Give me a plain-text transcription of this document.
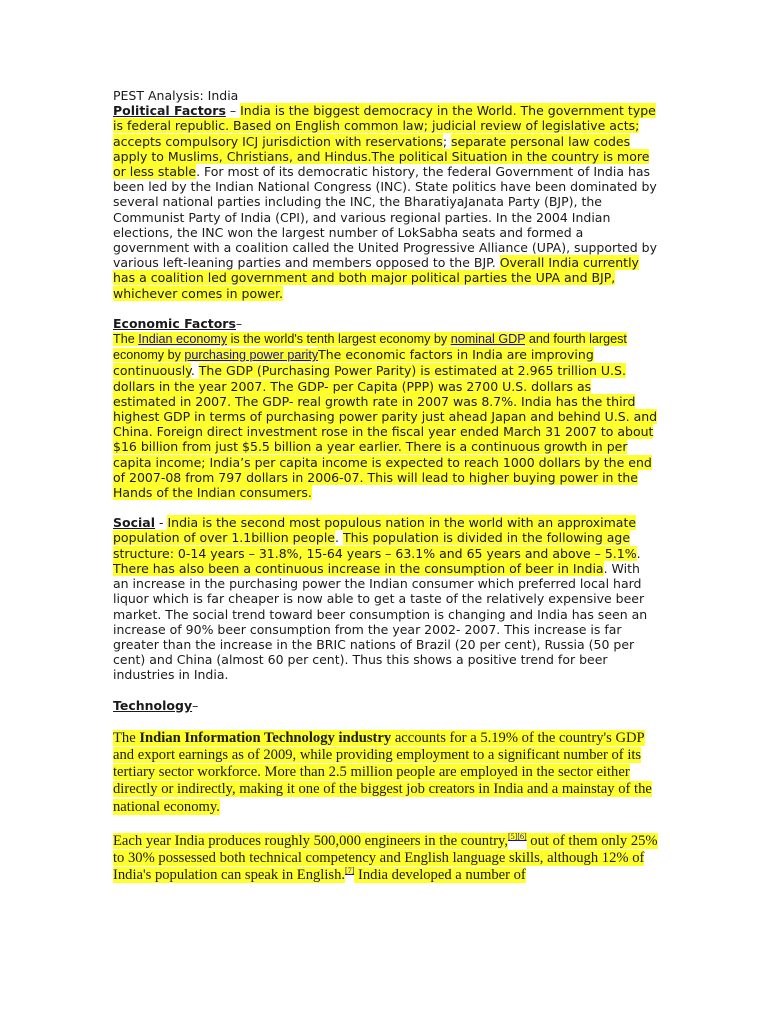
PEST Analysis: India

Political Factors – India is the biggest democracy in the World. The government type is federal republic. Based on English common law; judicial review of legislative acts; accepts compulsory ICJ jurisdiction with reservations; separate personal law codes apply to Muslims, Christians, and Hindus.The political Situation in the country is more or less stable. For most of its democratic history, the federal Government of India has been led by the Indian National Congress (INC). State politics have been dominated by several national parties including the INC, the BharatiyaJanata Party (BJP), the Communist Party of India (CPI), and various regional parties. In the 2004 Indian elections, the INC won the largest number of LokSabha seats and formed a government with a coalition called the United Progressive Alliance (UPA), supported by various left-leaning parties and members opposed to the BJP. Overall India currently has a coalition led government and both major political parties the UPA and BJP, whichever comes in power.

Economic Factors–

The Indian economy is the world's tenth largest economy by nominal GDP and fourth largest economy by purchasing power parityThe economic factors in India are improving continuously. The GDP (Purchasing Power Parity) is estimated at 2.965 trillion U.S. dollars in the year 2007. The GDP- per Capita (PPP) was 2700 U.S. dollars as estimated in 2007. The GDP- real growth rate in 2007 was 8.7%. India has the third highest GDP in terms of purchasing power parity just ahead Japan and behind U.S. and China. Foreign direct investment rose in the fiscal year ended March 31 2007 to about $16 billion from just $5.5 billion a year earlier. There is a continuous growth in per capita income; India’s per capita income is expected to reach 1000 dollars by the end of 2007-08 from 797 dollars in 2006-07. This will lead to higher buying power in the Hands of the Indian consumers.

Social - India is the second most populous nation in the world with an approximate population of over 1.1billion people. This population is divided in the following age structure: 0-14 years – 31.8%, 15-64 years – 63.1% and 65 years and above – 5.1%. There has also been a continuous increase in the consumption of beer in India. With an increase in the purchasing power the Indian consumer which preferred local hard liquor which is far cheaper is now able to get a taste of the relatively expensive beer market. The social trend toward beer consumption is changing and India has seen an increase of 90% beer consumption from the year 2002- 2007. This increase is far greater than the increase in the BRIC nations of Brazil (20 per cent), Russia (50 per cent) and China (almost 60 per cent). Thus this shows a positive trend for beer industries in India.

Technology–

The Indian Information Technology industry accounts for a 5.19% of the country's GDP and export earnings as of 2009, while providing employment to a significant number of its tertiary sector workforce. More than 2.5 million people are employed in the sector either directly or indirectly, making it one of the biggest job creators in India and a mainstay of the national economy.

Each year India produces roughly 500,000 engineers in the country,[5][6] out of them only 25% to 30% possessed both technical competency and English language skills, although 12% of India's population can speak in English.[7] India developed a number of
